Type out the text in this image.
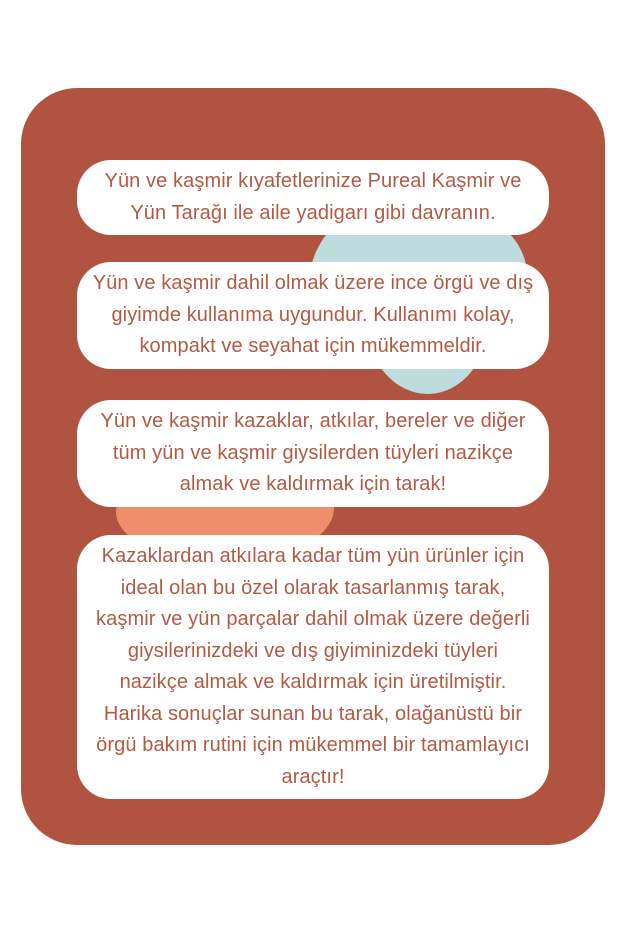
Yün ve kaşmir kıyafetlerinize Pureal Kaşmir ve Yün Tarağı ile aile yadigarı gibi davranın.
Yün ve kaşmir dahil olmak üzere ince örgü ve dış giyimde kullanıma uygundur. Kullanımı kolay, kompakt ve seyahat için mükemmeldir.
Yün ve kaşmir kazaklar, atkılar, bereler ve diğer tüm yün ve kaşmir giysilerden tüyleri nazikçe almak ve kaldırmak için tarak!
Kazaklardan atkılara kadar tüm yün ürünler için ideal olan bu özel olarak tasarlanmış tarak, kaşmir ve yün parçalar dahil olmak üzere değerli giysilerinizdeki ve dış giyiminizdeki tüyleri nazikçe almak ve kaldırmak için üretilmiştir. Harika sonuçlar sunan bu tarak, olağanüstü bir örgü bakım rutini için mükemmel bir tamamlayıcı araçtır!
